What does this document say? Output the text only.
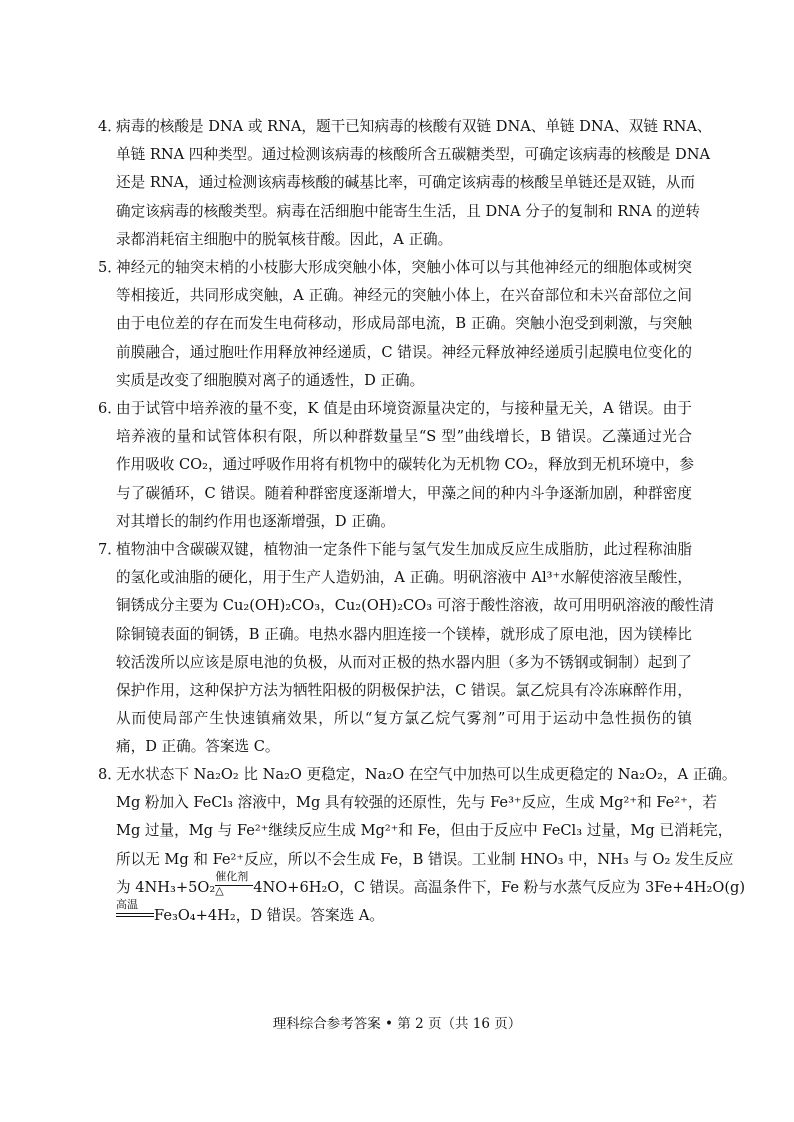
4．
病毒的核酸是 DNA 或 RNA，题干已知病毒的核酸有双链 DNA、单链 DNA、双链 RNA、
单链 RNA 四种类型。通过检测该病毒的核酸所含五碳糖类型，可确定该病毒的核酸是 DNA
还是 RNA，通过检测该病毒核酸的碱基比率，可确定该病毒的核酸呈单链还是双链，从而
确定该病毒的核酸类型。病毒在活细胞中能寄生生活，且 DNA 分子的复制和 RNA 的逆转
录都消耗宿主细胞中的脱氧核苷酸。因此，A 正确。
5．
神经元的轴突末梢的小枝膨大形成突触小体，突触小体可以与其他神经元的细胞体或树突
等相接近，共同形成突触，A 正确。神经元的突触小体上，在兴奋部位和未兴奋部位之间
由于电位差的存在而发生电荷移动，形成局部电流，B 正确。突触小泡受到刺激，与突触
前膜融合，通过胞吐作用释放神经递质，C 错误。神经元释放神经递质引起膜电位变化的
实质是改变了细胞膜对离子的通透性，D 正确。
6．
由于试管中培养液的量不变，K 值是由环境资源量决定的，与接种量无关，A 错误。由于
培养液的量和试管体积有限，所以种群数量呈“S 型”曲线增长，B 错误。乙藻通过光合
作用吸收 CO₂，通过呼吸作用将有机物中的碳转化为无机物 CO₂，释放到无机环境中，参
与了碳循环，C 错误。随着种群密度逐渐增大，甲藻之间的种内斗争逐渐加剧，种群密度
对其增长的制约作用也逐渐增强，D 正确。
7．
植物油中含碳碳双键，植物油一定条件下能与氢气发生加成反应生成脂肪，此过程称油脂
的氢化或油脂的硬化，用于生产人造奶油，A 正确。明矾溶液中 Al³⁺水解使溶液呈酸性，
铜锈成分主要为 Cu₂(OH)₂CO₃，Cu₂(OH)₂CO₃ 可溶于酸性溶液，故可用明矾溶液的酸性清
除铜镜表面的铜锈，B 正确。电热水器内胆连接一个镁棒，就形成了原电池，因为镁棒比
较活泼所以应该是原电池的负极，从而对正极的热水器内胆（多为不锈钢或铜制）起到了
保护作用，这种保护方法为牺牲阳极的阴极保护法，C 错误。氯乙烷具有冷冻麻醉作用，
从而使局部产生快速镇痛效果，所以“复方氯乙烷气雾剂”可用于运动中急性损伤的镇
痛，D 正确。答案选 C。
8．
无水状态下 Na₂O₂ 比 Na₂O 更稳定，Na₂O 在空气中加热可以生成更稳定的 Na₂O₂，A 正确。
Mg 粉加入 FeCl₃ 溶液中，Mg 具有较强的还原性，先与 Fe³⁺反应，生成 Mg²⁺和 Fe²⁺，若
Mg 过量，Mg 与 Fe²⁺继续反应生成 Mg²⁺和 Fe，但由于反应中 FeCl₃ 过量，Mg 已消耗完，
所以无 Mg 和 Fe²⁺反应，所以不会生成 Fe，B 错误。工业制 HNO₃ 中，NH₃ 与 O₂ 发生反应
为 4NH₃+5O₂
催化剂
△	4NO+6H₂O，C 错误。高温条件下，Fe 粉与水蒸气反应为 3Fe+4H₂O(g)
高温
Fe₃O₄+4H₂，D 错误。答案选 A。
理科综合参考答案 • 第 2 页（共 16 页）
